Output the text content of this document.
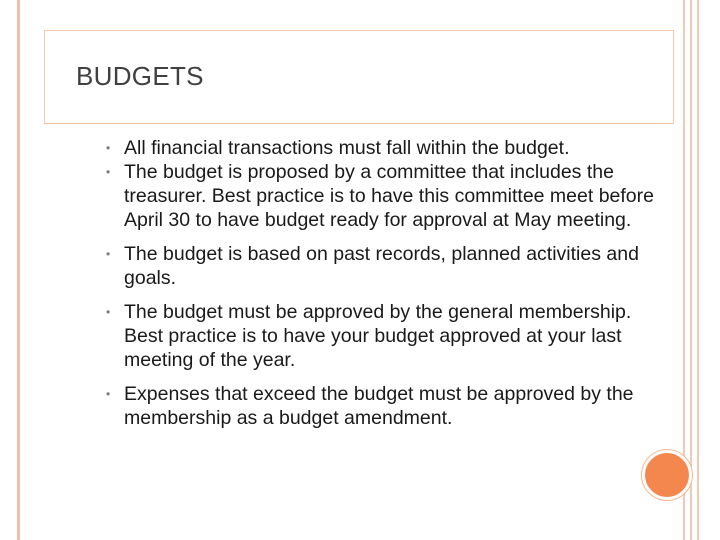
BUDGETS
• All financial transactions must fall within the budget.
• The budget is proposed by a committee that includes the treasurer. Best practice is to have this committee meet before April 30 to have budget ready for approval at May meeting.
• The budget is based on past records, planned activities and goals.
• The budget must be approved by the general membership. Best practice is to have your budget approved at your last meeting of the year.
• Expenses that exceed the budget must be approved by the membership as a budget amendment.
